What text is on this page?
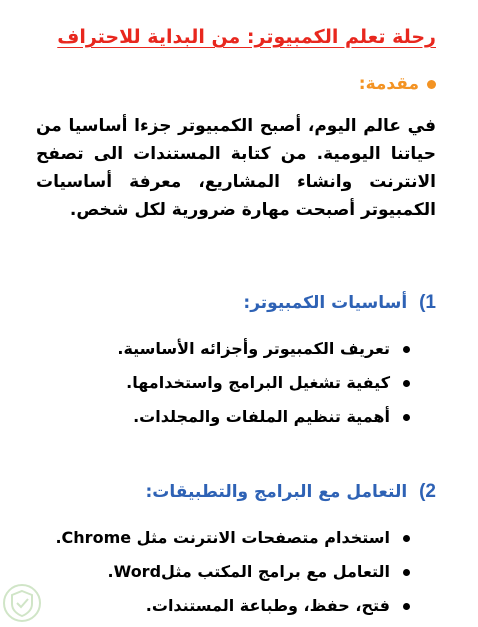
رحلة تعلم الكمبيوتر: من البداية للاحتراف
مقدمة:
في عالم اليوم، أصبح الكمبيوتر جزءا أساسيا من حياتنا اليومية. من كتابة المستندات الى تصفح الانترنت وانشاء المشاريع، معرفة أساسيات الكمبيوتر أصبحت مهارة ضرورية لكل شخص.
1) أساسيات الكمبيوتر:
تعريف الكمبيوتر وأجزائه الأساسية.
كيفية تشغيل البرامج واستخدامها.
أهمية تنظيم الملفات والمجلدات.
2) التعامل مع البرامج والتطبيقات:
استخدام متصفحات الانترنت مثل Chrome.
التعامل مع برامج المكتب مثلWord.
فتح، حفظ، وطباعة المستندات.
